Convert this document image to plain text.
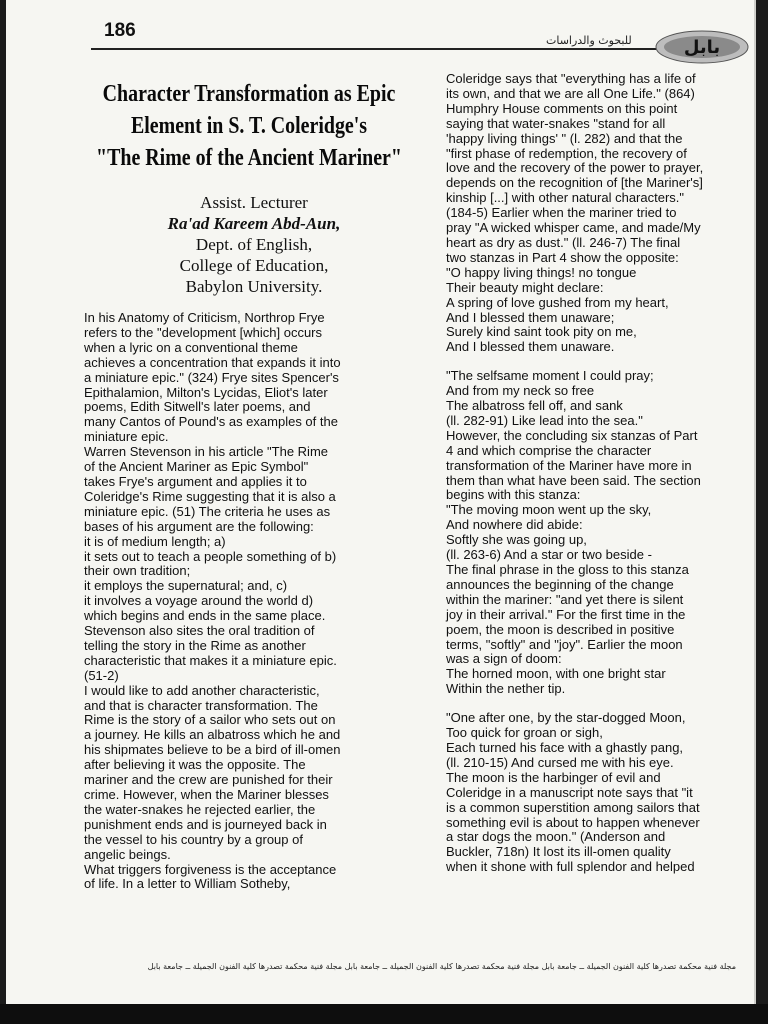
186	للبحوث والدراسات	بابل
Character Transformation as Epic
Element in S. T. Coleridge's
"The Rime of the Ancient Mariner"
Assist. Lecturer
Ra'ad Kareem Abd-Aun,
Dept. of English,
College of Education,
Babylon University.
In his Anatomy of Criticism, Northrop Frye
refers to the "development [which] occurs
when a lyric on a conventional theme
achieves a concentration that expands it into
a miniature epic." (324) Frye sites Spencer's
Epithalamion, Milton's Lycidas, Eliot's later
poems, Edith Sitwell's later poems, and
many Cantos of Pound's as examples of the
miniature epic.
Warren Stevenson in his article "The Rime
of the Ancient Mariner as Epic Symbol"
takes Frye's argument and applies it to
Coleridge's Rime suggesting that it is also a
miniature epic. (51) The criteria he uses as
bases of his argument are the following:
it is of medium length; a)
it sets out to teach a people something of b)
their own tradition;
it employs the supernatural; and, c)
it involves a voyage around the world d)
which begins and ends in the same place.
Stevenson also sites the oral tradition of
telling the story in the Rime as another
characteristic that makes it a miniature epic.
(51-2)
I would like to add another characteristic,
and that is character transformation. The
Rime is the story of a sailor who sets out on
a journey. He kills an albatross which he and
his shipmates believe to be a bird of ill-omen
after believing it was the opposite. The
mariner and the crew are punished for their
crime. However, when the Mariner blesses
the water-snakes he rejected earlier, the
punishment ends and is journeyed back in
the vessel to his country by a group of
angelic beings.
What triggers forgiveness is the acceptance
of life. In a letter to William Sotheby,
Coleridge says that "everything has a life of
its own, and that we are all One Life." (864)
Humphry House comments on this point
saying that water-snakes "stand for all
'happy living things' " (l. 282) and that the
"first phase of redemption, the recovery of
love and the recovery of the power to prayer,
depends on the recognition of [the Mariner's]
kinship [...] with other natural characters."
(184-5) Earlier when the mariner tried to
pray "A wicked whisper came, and made/My
heart as dry as dust." (ll. 246-7) The final
two stanzas in Part 4 show the opposite:
"O happy living things! no tongue
Their beauty might declare:
A spring of love gushed from my heart,
And I blessed them unaware;
Surely kind saint took pity on me,
And I blessed them unaware.
"The selfsame moment I could pray;
And from my neck so free
The albatross fell off, and sank
(ll. 282-91) Like lead into the sea."
However, the concluding six stanzas of Part
4 and which comprise the character
transformation of the Mariner have more in
them than what have been said. The section
begins with this stanza:
"The moving moon went up the sky,
And nowhere did abide:
Softly she was going up,
(ll. 263-6) And a star or two beside -
The final phrase in the gloss to this stanza
announces the beginning of the change
within the mariner: "and yet there is silent
joy in their arrival." For the first time in the
poem, the moon is described in positive
terms, "softly" and "joy". Earlier the moon
was a sign of doom:
The horned moon, with one bright star
Within the nether tip.
"One after one, by the star-dogged Moon,
Too quick for groan or sigh,
Each turned his face with a ghastly pang,
(ll. 210-15) And cursed me with his eye.
The moon is the harbinger of evil and
Coleridge in a manuscript note says that "it
is a common superstition among sailors that
something evil is about to happen whenever
a star dogs the moon." (Anderson and
Buckler, 718n) It lost its ill-omen quality
when it shone with full splendor and helped
مجلة فنية محكمة تصدرها كلية الفنون الجميلة ــ جامعة بابل مجلة فنية محكمة تصدرها كلية الفنون الجميلة ــ جامعة بابل مجلة فنية محكمة تصدرها كلية الفنون الجميلة ــ جامعة بابل
